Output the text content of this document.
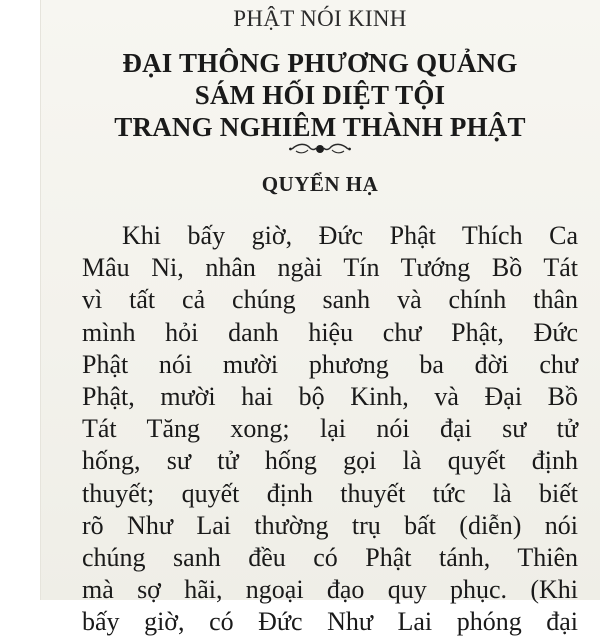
PHẬT NÓI KINH
ĐẠI THÔNG PHƯƠNG QUẢNG
SÁM HỐI DIỆT TỘI
TRANG NGHIÊM THÀNH PHẬT
QUYỂN HẠ
Khi bấy giờ, Đức Phật Thích Ca
Mâu Ni, nhân ngài Tín Tướng Bồ Tát
vì tất cả chúng sanh và chính thân
mình hỏi danh hiệu chư Phật, Đức
Phật nói mười phương ba đời chư
Phật, mười hai bộ Kinh, và Đại Bồ
Tát Tăng xong; lại nói đại sư tử
hống, sư tử hống gọi là quyết định
thuyết; quyết định thuyết tức là biết
rõ Như Lai thường trụ bất (diễn) nói
chúng sanh đều có Phật tánh, Thiên
mà sợ hãi, ngoại đạo quy phục. (Khi
bấy giờ, có Đức Như Lai phóng đại
